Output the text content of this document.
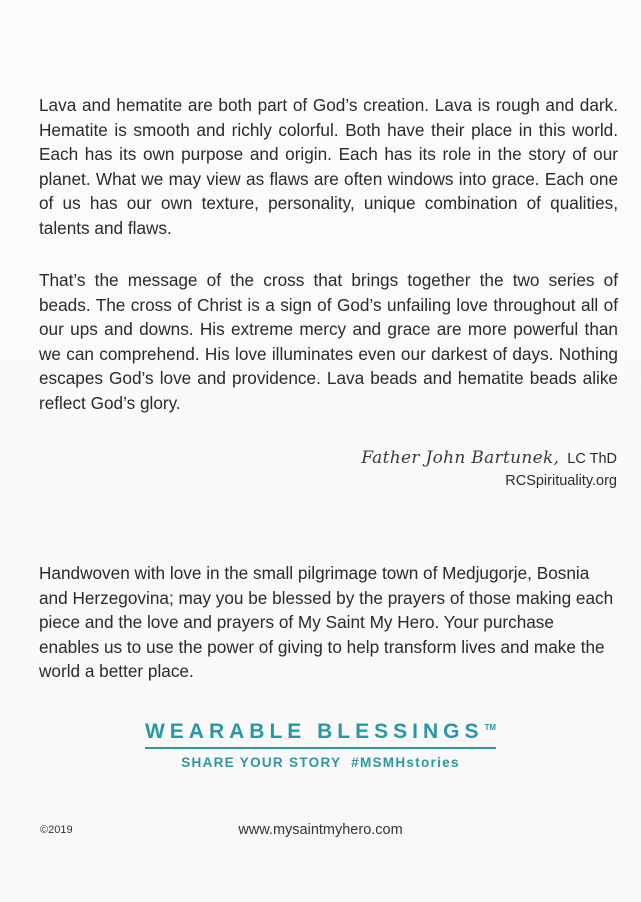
Lava and hematite are both part of God’s creation. Lava is rough and dark. Hematite is smooth and richly colorful. Both have their place in this world. Each has its own purpose and origin. Each has its role in the story of our planet. What we may view as flaws are often windows into grace. Each one of us has our own texture, personality, unique combination of qualities, talents and flaws.

That’s the message of the cross that brings together the two series of beads. The cross of Christ is a sign of God’s unfailing love throughout all of our ups and downs. His extreme mercy and grace are more powerful than we can comprehend. His love illuminates even our darkest of days. Nothing escapes God’s love and providence. Lava beads and hematite beads alike reflect God’s glory.

Father John Bartunek, LC ThD
RCSpirituality.org

Handwoven with love in the small pilgrimage town of Medjugorje, Bosnia and Herzegovina; may you be blessed by the prayers of those making each piece and the love and prayers of My Saint My Hero. Your purchase enables us to use the power of giving to help transform lives and make the world a better place.

WEARABLE BLESSINGS™
SHARE YOUR STORY  #MSMHstories
©2019	www.mysaintmyhero.com
